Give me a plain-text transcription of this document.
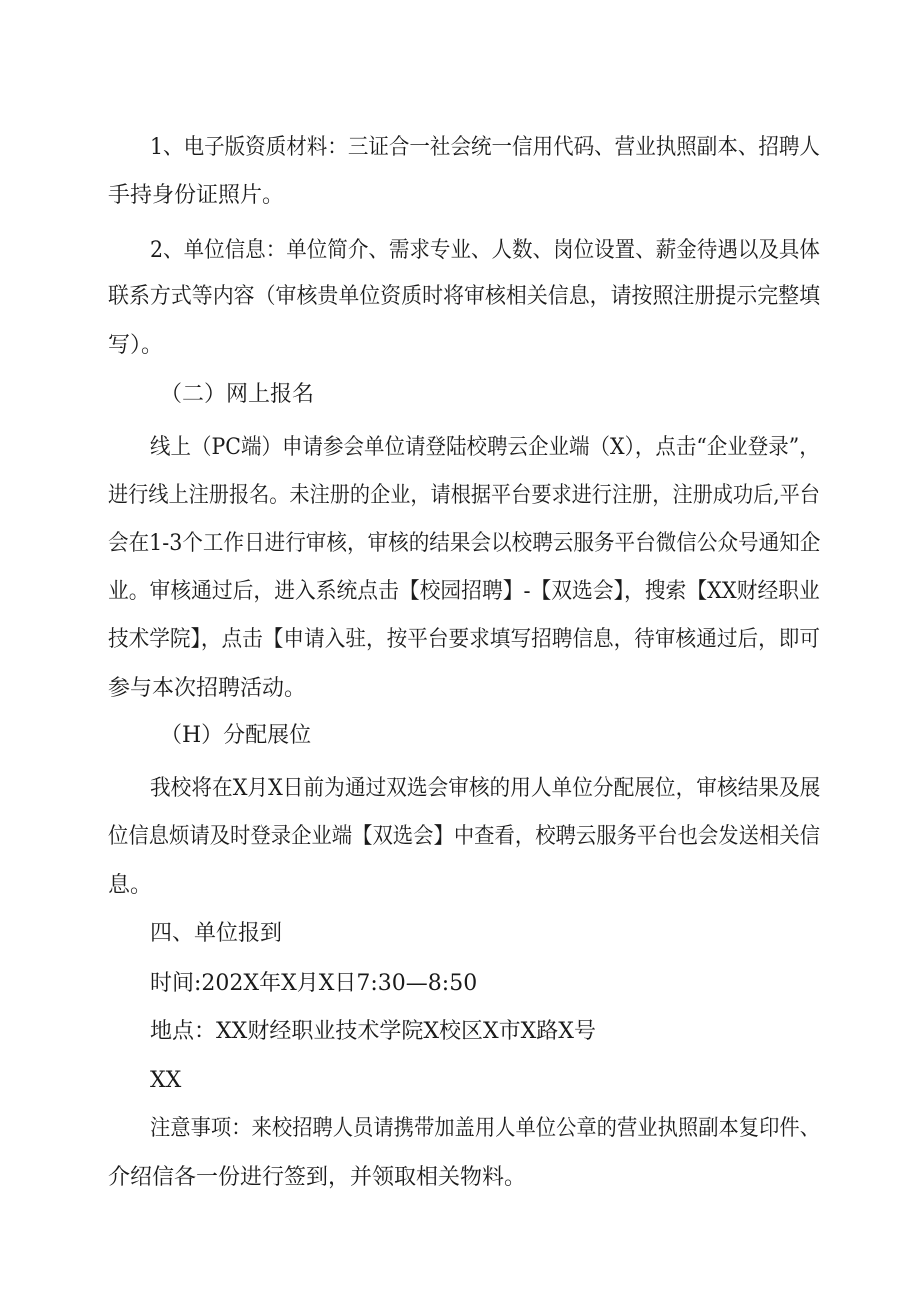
1、电子版资质材料：三证合一社会统一信用代码、营业执照副本、招聘人
手持身份证照片。
2、单位信息：单位简介、需求专业、人数、岗位设置、薪金待遇以及具体
联系方式等内容（审核贵单位资质时将审核相关信息，请按照注册提示完整填
写）。
（二）网上报名
线上（PC端）申请参会单位请登陆校聘云企业端（X），点击“企业登录”，
进行线上注册报名。未注册的企业，请根据平台要求进行注册，注册成功后,平台
会在1-3个工作日进行审核，审核的结果会以校聘云服务平台微信公众号通知企
业。审核通过后，进入系统点击【校园招聘】-【双选会】，搜索【XX财经职业
技术学院】，点击【申请入驻，按平台要求填写招聘信息，待审核通过后，即可
参与本次招聘活动。
（H）分配展位
我校将在X月X日前为通过双选会审核的用人单位分配展位，审核结果及展
位信息烦请及时登录企业端【双选会】中查看，校聘云服务平台也会发送相关信
息。
四、单位报到
时间:202X年X月X日7:30—8:50
地点：XX财经职业技术学院X校区X市X路X号
XX
注意事项：来校招聘人员请携带加盖用人单位公章的营业执照副本复印件、
介绍信各一份进行签到，并领取相关物料。
